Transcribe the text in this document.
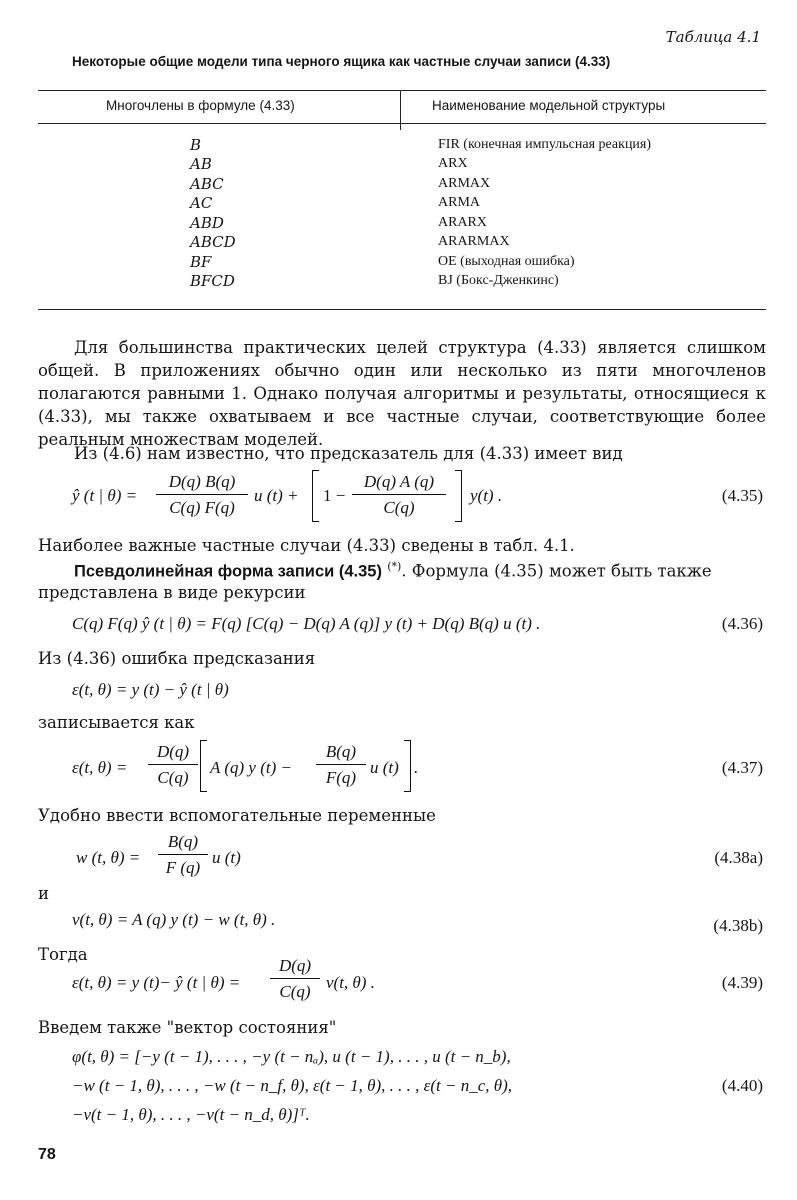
Таблица 4.1
Некоторые общие модели типа черного ящика как частные случаи записи (4.33)
Многочлены в формуле (4.33)	Наименование модельной структуры
B	FIR (конечная импульсная реакция)
AB	ARX
ABC	ARMAX
AC	ARMA
ABD	ARARX
ABCD	ARARMAX
BF	OE (выходная ошибка)
BFCD	BJ (Бокс-Дженкинс)
Для большинства практических целей структура (4.33) является слишком общей. В приложениях обычно один или несколько из пяти многочленов полагаются равными 1. Однако получая алгоритмы и результаты, относящиеся к (4.33), мы также охватываем и все частные случаи, соответствующие более реальным множествам моделей.
Из (4.6) нам известно, что предсказатель для (4.33) имеет вид
ŷ (t | $\theta) = \frac{D(q) B(q)}{C(q) F(q)}$ u $(t) + 1 - \frac{D(q) A (q)}{C(q)} y(t)$ .	(4.35)
Наиболее важные частные случаи (4.33) сведены в табл. 4.1.
Псевдолинейная форма записи (4.35) (*). Формула (4.35) может быть также
представлена в виде рекурсии
C(q) F(q) ŷ (t | θ) = F(q) [C(q) − D(q) A (q)] y (t) + D(q) B(q) u (t) .	(4.36)
Из (4.36) ошибка предсказания
ε(t, θ) = y (t) − ŷ (t | θ)
записывается как
ε(t, $\theta) = \frac{D(q)}{C(q)}$ A (q) y $(t) - \frac{B(q)}{F(q)}$ u (t) .	(4.37)
Удобно ввести вспомогательные переменные
w (t, $\theta) = \frac{B(q)}{F (q)}$ u (t)	(4.38a)
и
v(t, θ) = A (q) y (t) − w (t, θ) .	(4.38b)
Тогда
ε(t, θ) = y (t)− ŷ (t | $\theta) = \frac{D(q)}{C(q)} v(t$, θ) .	(4.39)
Введем также "вектор состояния"
φ(t, θ) = [−y (t − 1), . . . , −y (t − nₐ), u (t − 1), . . . , u (t − n_b),
−w (t − 1, θ), . . . , −w (t − n_f, θ), ε(t − 1, θ), . . . , ε(t − n_c, θ),
−v(t − 1, θ), . . . , −v(t − n_d, θ)]ᵀ.
(4.40)
78
